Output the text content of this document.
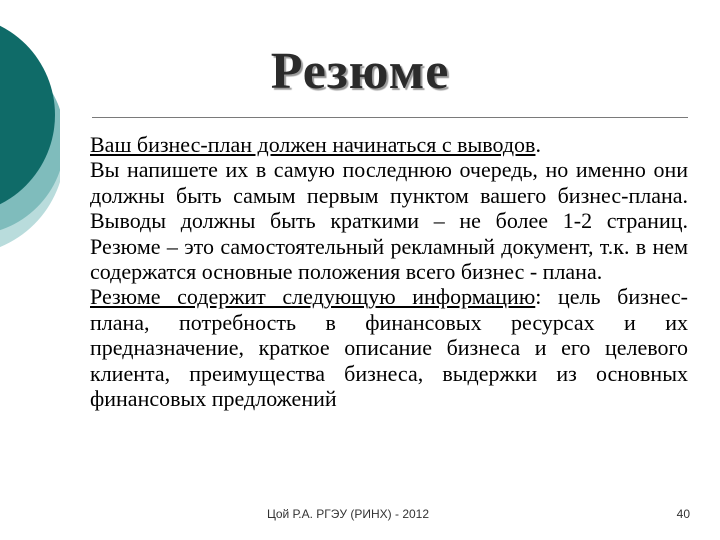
Резюме

Ваш бизнес-план должен начинаться с выводов.

Вы напишете их в самую последнюю очередь, но именно они должны быть самым первым пунктом вашего бизнес-плана. Выводы должны быть краткими – не более 1-2 страниц. Резюме – это самостоятельный рекламный документ, т.к. в нем содержатся основные положения всего бизнес - плана.

Резюме содержит следующую информацию: цель бизнес-плана, потребность в финансовых ресурсах и их предназначение, краткое описание бизнеса и его целевого клиента, преимущества бизнеса, выдержки из основных финансовых предложений

Цой Р.А. РГЭУ (РИНХ) - 2012	40
